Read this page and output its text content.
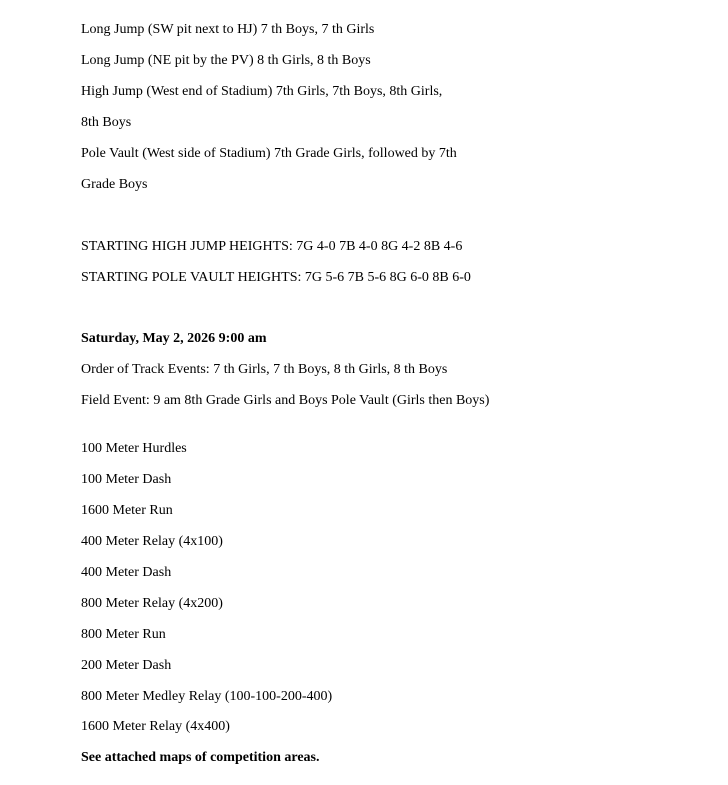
Long Jump (SW pit next to HJ) 7 th Boys, 7 th Girls
Long Jump (NE pit by the PV) 8 th Girls, 8 th Boys
High Jump (West end of Stadium) 7th Girls, 7th Boys, 8th Girls,
8th Boys
Pole Vault (West side of Stadium) 7th Grade Girls, followed by 7th
Grade Boys
STARTING HIGH JUMP HEIGHTS: 7G 4-0 7B 4-0 8G 4-2 8B 4-6
STARTING POLE VAULT HEIGHTS: 7G 5-6 7B 5-6 8G 6-0 8B 6-0
Saturday, May 2, 2026 9:00 am
Order of Track Events: 7 th Girls, 7 th Boys, 8 th Girls, 8 th Boys
Field Event: 9 am 8th Grade Girls and Boys Pole Vault (Girls then Boys)
100 Meter Hurdles
100 Meter Dash
1600 Meter Run
400 Meter Relay (4x100)
400 Meter Dash
800 Meter Relay (4x200)
800 Meter Run
200 Meter Dash
800 Meter Medley Relay (100-100-200-400)
1600 Meter Relay (4x400)
See attached maps of competition areas.
